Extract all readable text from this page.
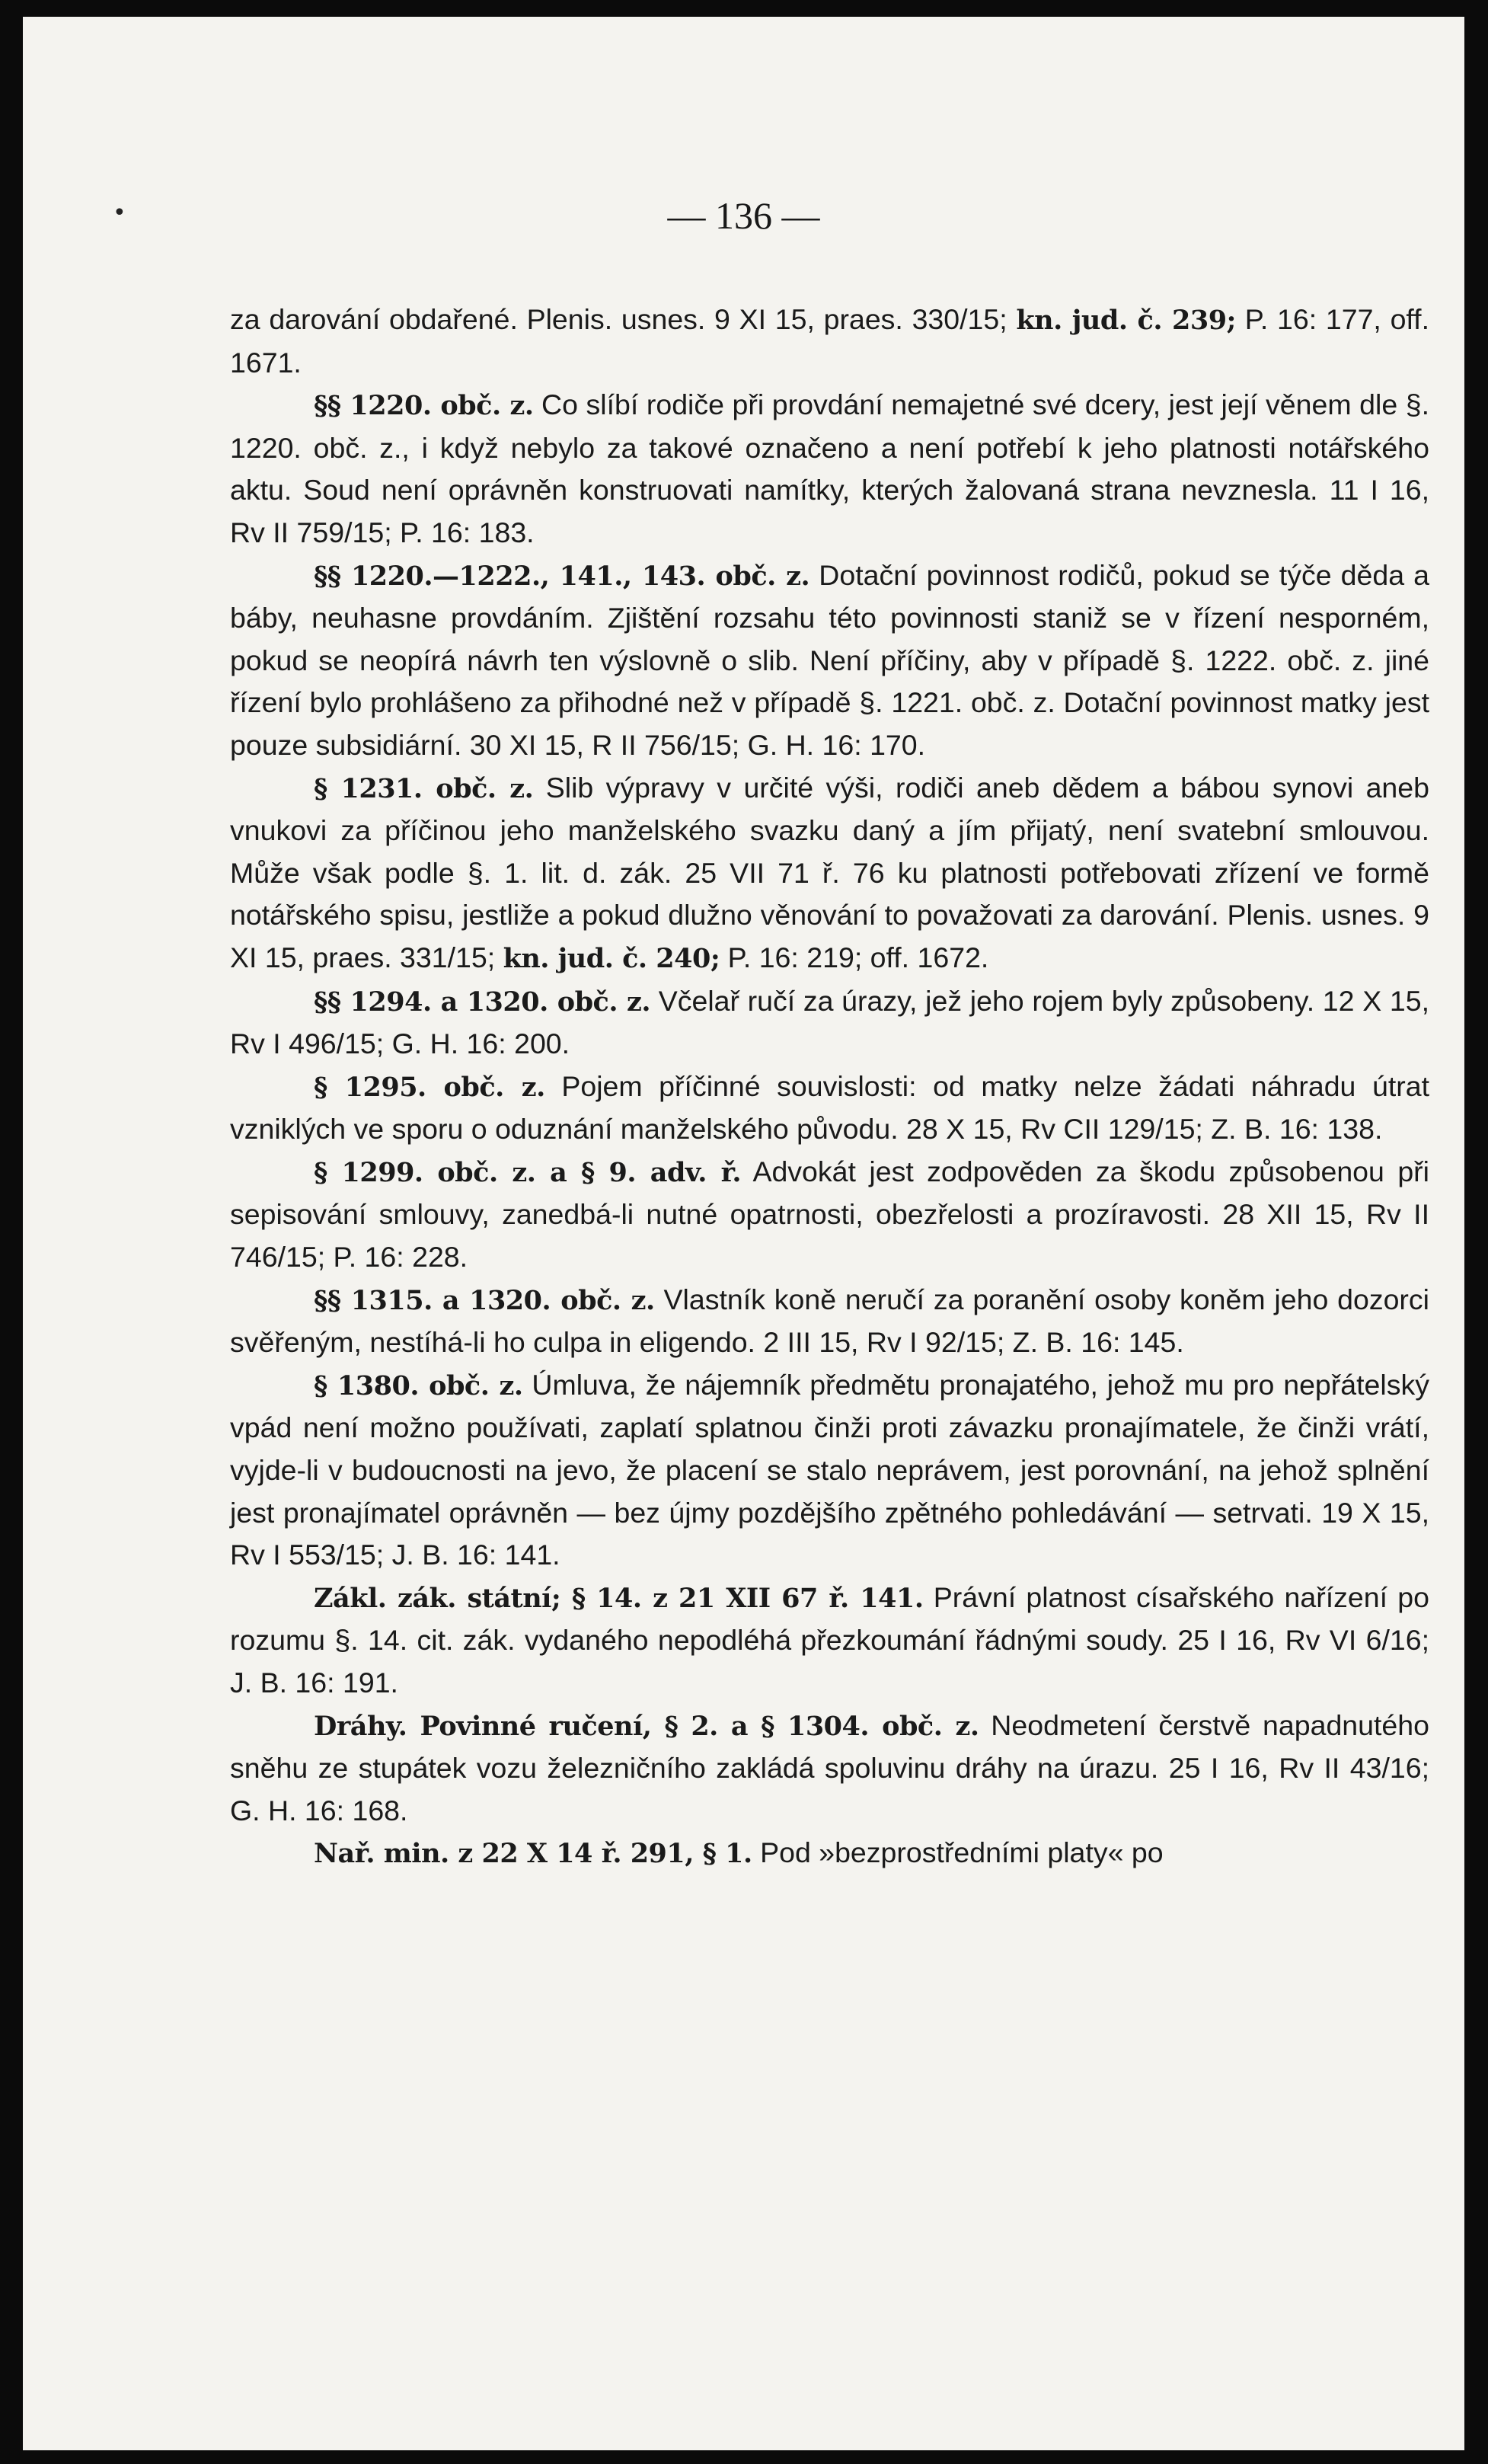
•	— 136 —

za darování obdařené. Plenis. usnes. 9 XI 15, praes. 330/15; kn. jud. č. 239; P. 16: 177, off. 1671.

§§ 1220. obč. z. Co slíbí rodiče při provdání nemajetné své dcery, jest její věnem dle §. 1220. obč. z., i když nebylo za takové označeno a není potřebí k jeho platnosti notářského aktu. Soud není oprávněn konstruovati namítky, kterých žalovaná strana nevznesla. 11 I 16, Rv II 759/15; P. 16: 183.

§§ 1220.—1222., 141., 143. obč. z. Dotační povinnost rodičů, pokud se týče děda a báby, neuhasne provdáním. Zjištění rozsahu této povinnosti staniž se v řízení nesporném, pokud se neopírá návrh ten výslovně o slib. Není příčiny, aby v případě §. 1222. obč. z. jiné řízení bylo prohlášeno za přihodné než v případě §. 1221. obč. z. Dotační povinnost matky jest pouze subsidiární. 30 XI 15, R II 756/15; G. H. 16: 170.

§ 1231. obč. z. Slib výpravy v určité výši, rodiči aneb dědem a bábou synovi aneb vnukovi za příčinou jeho manželského svazku daný a jím přijatý, není svatební smlouvou. Může však podle §. 1. lit. d. zák. 25 VII 71 ř. 76 ku platnosti potřebovati zřízení ve formě notářského spisu, jestliže a pokud dlužno věnování to považovati za darování. Plenis. usnes. 9 XI 15, praes. 331/15; kn. jud. č. 240; P. 16: 219; off. 1672.

§§ 1294. a 1320. obč. z. Včelař ručí za úrazy, jež jeho rojem byly způsobeny. 12 X 15, Rv I 496/15; G. H. 16: 200.

§ 1295. obč. z. Pojem příčinné souvislosti: od matky nelze žádati náhradu útrat vzniklých ve sporu o oduznání manželského původu. 28 X 15, Rv CII 129/15; Z. B. 16: 138.

§ 1299. obč. z. a § 9. adv. ř. Advokát jest zodpověden za škodu způsobenou při sepisování smlouvy, zanedbá-li nutné opatrnosti, obezřelosti a prozíravosti. 28 XII 15, Rv II 746/15; P. 16: 228.

§§ 1315. a 1320. obč. z. Vlastník koně neručí za poranění osoby koněm jeho dozorci svěřeným, nestíhá-li ho culpa in eligendo. 2 III 15, Rv I 92/15; Z. B. 16: 145.

§ 1380. obč. z. Úmluva, že nájemník předmětu pronajatého, jehož mu pro nepřátelský vpád není možno používati, zaplatí splatnou činži proti závazku pronajímatele, že činži vrátí, vyjde-li v budoucnosti na jevo, že placení se stalo neprávem, jest porovnání, na jehož splnění jest pronajímatel oprávněn — bez újmy pozdějšího zpětného pohledávání — setrvati. 19 X 15, Rv I 553/15; J. B. 16: 141.

Zákl. zák. státní; § 14. z 21 XII 67 ř. 141. Právní platnost císařského nařízení po rozumu §. 14. cit. zák. vydaného nepodléhá přezkoumání řádnými soudy. 25 I 16, Rv VI 6/16; J. B. 16: 191.

Dráhy. Povinné ručení, § 2. a § 1304. obč. z. Neodmetení čerstvě napadnutého sněhu ze stupátek vozu železničního zakládá spoluvinu dráhy na úrazu. 25 I 16, Rv II 43/16; G. H. 16: 168.

Nař. min. z 22 X 14 ř. 291, § 1. Pod »bezprostředními platy« po
